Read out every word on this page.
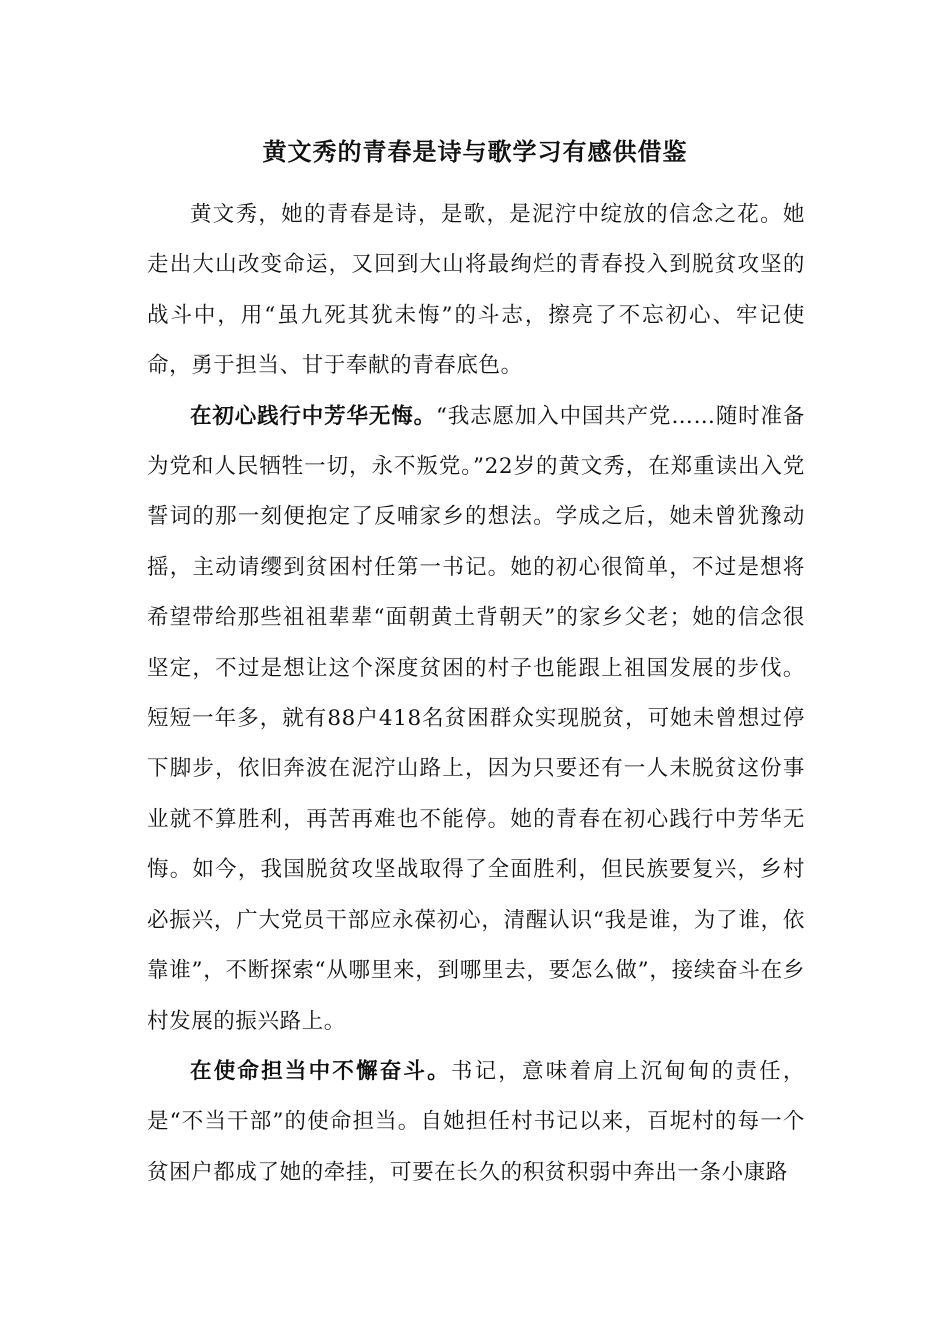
黄文秀的青春是诗与歌学习有感供借鉴

黄文秀，她的青春是诗，是歌，是泥泞中绽放的信念之花。她走出大山改变命运，又回到大山将最绚烂的青春投入到脱贫攻坚的战斗中，用“虽九死其犹未悔”的斗志，擦亮了不忘初心、牢记使命，勇于担当、甘于奉献的青春底色。

在初心践行中芳华无悔。“我志愿加入中国共产党……随时准备为党和人民牺牲一切，永不叛党。”22岁的黄文秀，在郑重读出入党誓词的那一刻便抱定了反哺家乡的想法。学成之后，她未曾犹豫动摇，主动请缨到贫困村任第一书记。她的初心很简单，不过是想将希望带给那些祖祖辈辈“面朝黄土背朝天”的家乡父老；她的信念很坚定，不过是想让这个深度贫困的村子也能跟上祖国发展的步伐。短短一年多，就有88户418名贫困群众实现脱贫，可她未曾想过停下脚步，依旧奔波在泥泞山路上，因为只要还有一人未脱贫这份事业就不算胜利，再苦再难也不能停。她的青春在初心践行中芳华无悔。如今，我国脱贫攻坚战取得了全面胜利，但民族要复兴，乡村必振兴，广大党员干部应永葆初心，清醒认识“我是谁，为了谁，依靠谁”，不断探索“从哪里来，到哪里去，要怎么做”，接续奋斗在乡村发展的振兴路上。

在使命担当中不懈奋斗。书记，意味着肩上沉甸甸的责任，是“不当干部”的使命担当。自她担任村书记以来，百坭村的每一个贫困户都成了她的牵挂，可要在长久的积贫积弱中奔出一条小康路
